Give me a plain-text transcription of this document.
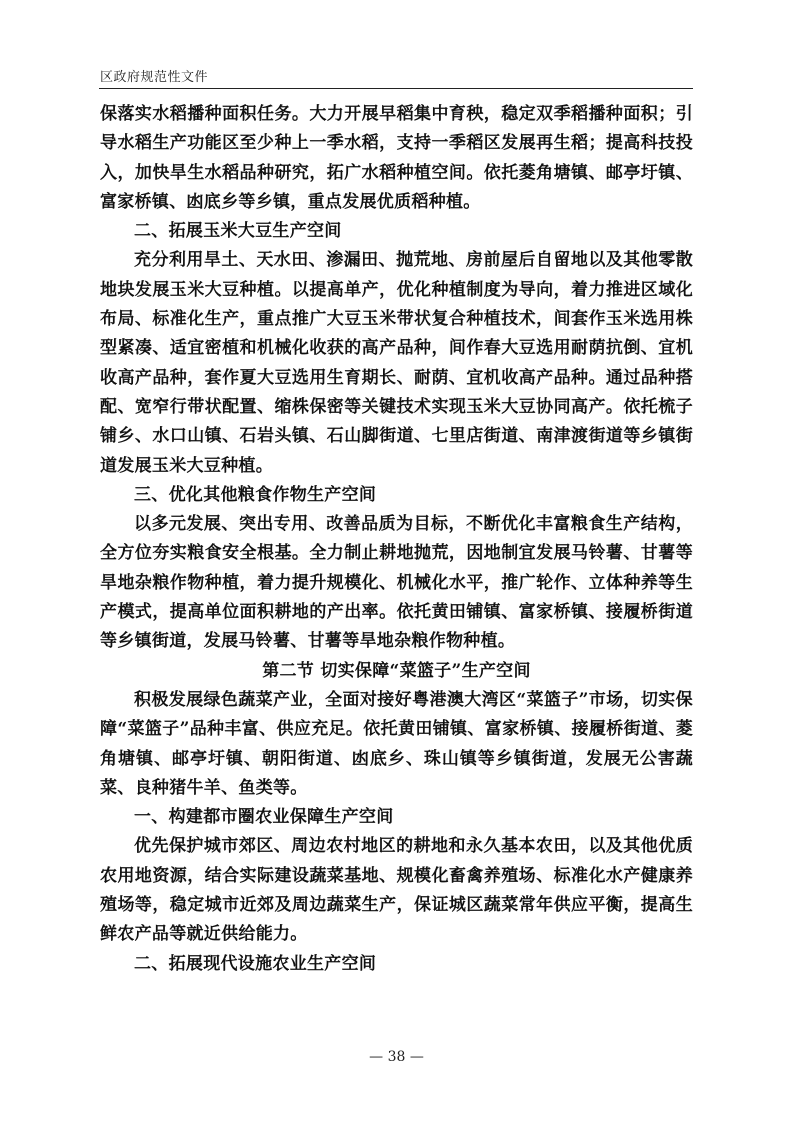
区政府规范性文件

保落实水稻播种面积任务。大力开展早稻集中育秧，稳定双季稻播种面积；引导水稻生产功能区至少种上一季水稻，支持一季稻区发展再生稻；提高科技投入，加快旱生水稻品种研究，拓广水稻种植空间。依托菱角塘镇、邮亭圩镇、富家桥镇、凼底乡等乡镇，重点发展优质稻种植。

二、拓展玉米大豆生产空间

充分利用旱土、天水田、渗漏田、抛荒地、房前屋后自留地以及其他零散地块发展玉米大豆种植。以提高单产，优化种植制度为导向，着力推进区域化布局、标准化生产，重点推广大豆玉米带状复合种植技术，间套作玉米选用株型紧凑、适宜密植和机械化收获的高产品种，间作春大豆选用耐荫抗倒、宜机收高产品种，套作夏大豆选用生育期长、耐荫、宜机收高产品种。通过品种搭配、宽窄行带状配置、缩株保密等关键技术实现玉米大豆协同高产。依托梳子铺乡、水口山镇、石岩头镇、石山脚街道、七里店街道、南津渡街道等乡镇街道发展玉米大豆种植。

三、优化其他粮食作物生产空间

以多元发展、突出专用、改善品质为目标，不断优化丰富粮食生产结构，全方位夯实粮食安全根基。全力制止耕地抛荒，因地制宜发展马铃薯、甘薯等旱地杂粮作物种植，着力提升规模化、机械化水平，推广轮作、立体种养等生产模式，提高单位面积耕地的产出率。依托黄田铺镇、富家桥镇、接履桥街道等乡镇街道，发展马铃薯、甘薯等旱地杂粮作物种植。

第二节 切实保障“菜篮子”生产空间

积极发展绿色蔬菜产业，全面对接好粤港澳大湾区“菜篮子”市场，切实保障“菜篮子”品种丰富、供应充足。依托黄田铺镇、富家桥镇、接履桥街道、菱角塘镇、邮亭圩镇、朝阳街道、凼底乡、珠山镇等乡镇街道，发展无公害蔬菜、良种猪牛羊、鱼类等。

一、构建都市圈农业保障生产空间

优先保护城市郊区、周边农村地区的耕地和永久基本农田，以及其他优质农用地资源，结合实际建设蔬菜基地、规模化畜禽养殖场、标准化水产健康养殖场等，稳定城市近郊及周边蔬菜生产，保证城区蔬菜常年供应平衡，提高生鲜农产品等就近供给能力。

二、拓展现代设施农业生产空间

— 38 —
